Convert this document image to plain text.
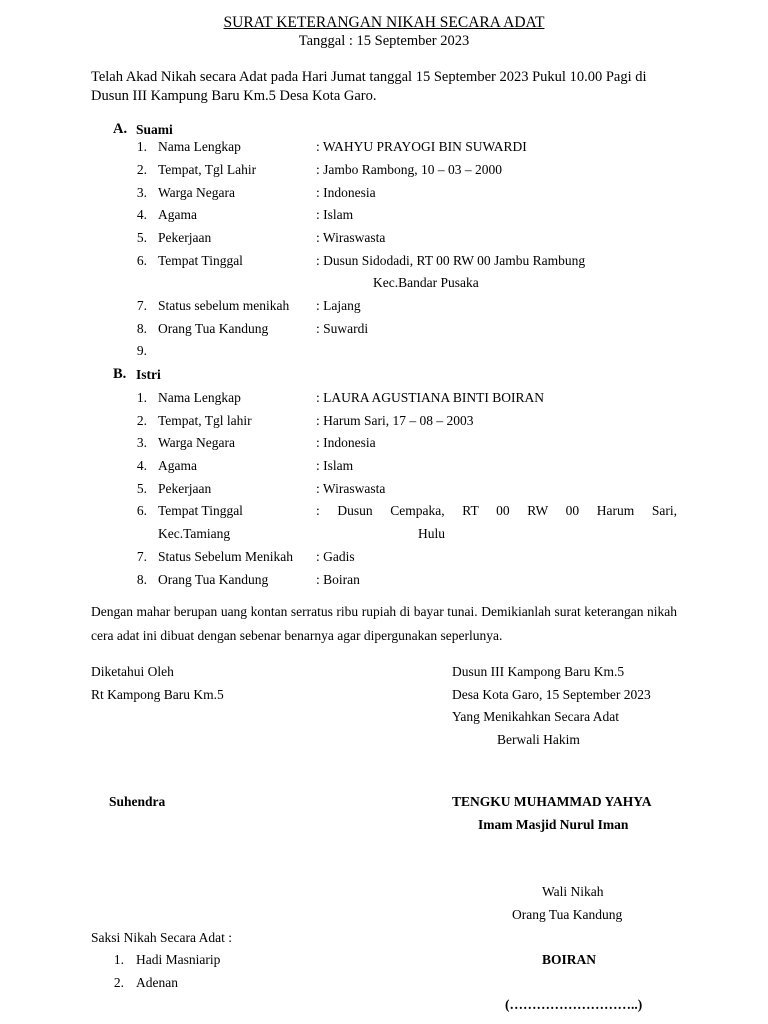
SURAT KETERANGAN NIKAH SECARA ADAT
Tanggal : 15 September 2023
Telah Akad Nikah secara Adat pada Hari Jumat tanggal 15 September 2023 Pukul 10.00 Pagi di Dusun III Kampung Baru Km.5 Desa Kota Garo.
A. Suami
1. Nama Lengkap	: WAHYU PRAYOGI BIN SUWARDI
2. Tempat, Tgl Lahir	: Jambo Rambong, 10 – 03 – 2000
3. Warga Negara	: Indonesia
4. Agama	: Islam
5. Pekerjaan	: Wiraswasta
6. Tempat Tinggal	: Dusun Sidodadi, RT 00 RW 00 Jambu Rambung
Kec.Bandar Pusaka
7. Status sebelum menikah : Lajang
8. Orang Tua Kandung	: Suwardi
9.
B. Istri
1. Nama Lengkap	: LAURA AGUSTIANA BINTI BOIRAN
2. Tempat, Tgl lahir	: Harum Sari, 17 – 08 – 2003
3. Warga Negara	: Indonesia
4. Agama	: Islam
5. Pekerjaan	: Wiraswasta
6. Tempat Tinggal	: Dusun Cempaka, RT 00 RW 00 Harum Sari,
Kec.Tamiang	Hulu
7. Status Sebelum Menikah : Gadis
8. Orang Tua Kandung	: Boiran
Dengan mahar berupan uang kontan serratus ribu rupiah di bayar tunai. Demikianlah surat keterangan nikah cera adat ini dibuat dengan sebenar benarnya agar dipergunakan seperlunya.
Diketahui Oleh
Rt Kampong Baru Km.5
Suhendra
Dusun III Kampong Baru Km.5
Desa Kota Garo, 15 September 2023
Yang Menikahkan Secara Adat
Berwali Hakim
TENGKU MUHAMMAD YAHYA
Imam Masjid Nurul Iman
Wali Nikah
Orang Tua Kandung
BOIRAN
(………………………..)
Saksi Nikah Secara Adat :
1. Hadi Masniarip
2. Adenan
